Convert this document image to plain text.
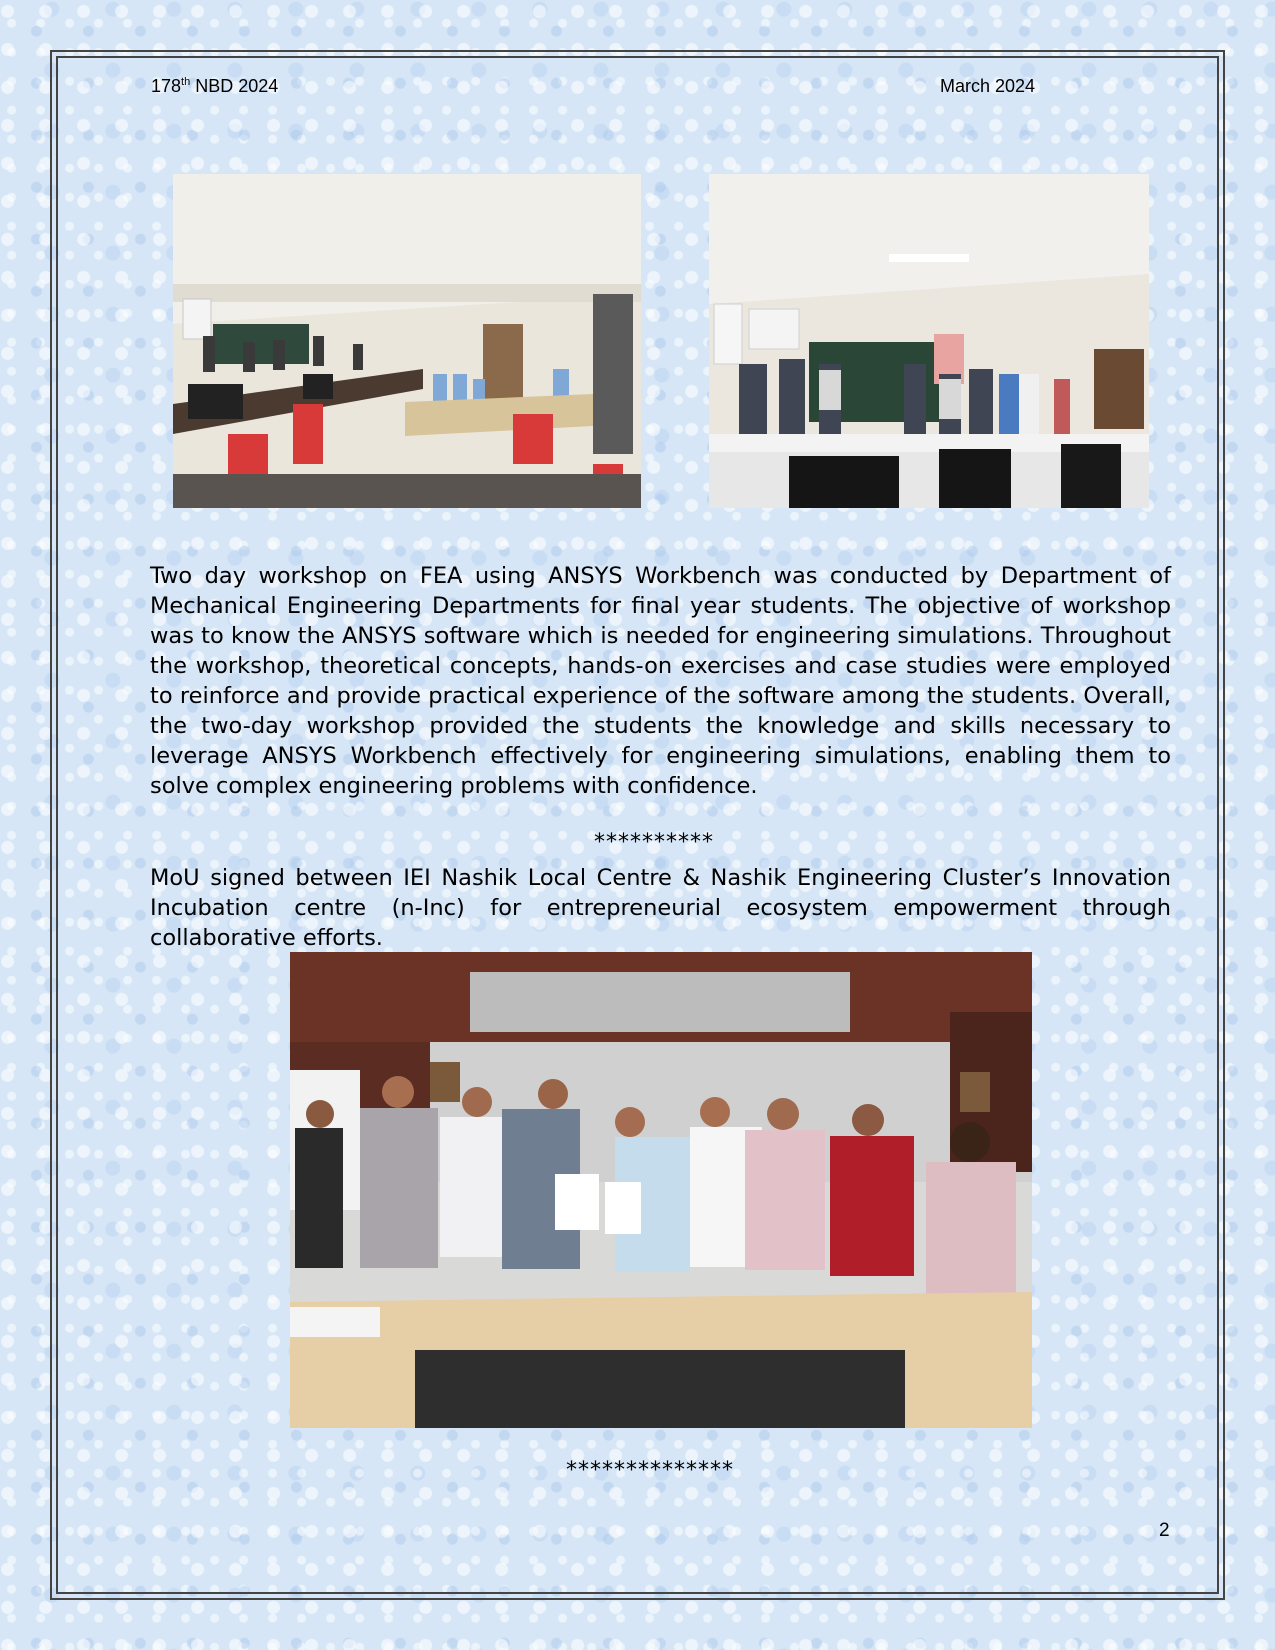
178th NBD 2024	March 2024

Two day workshop on FEA using ANSYS Workbench was conducted by Department of Mechanical Engineering Departments for final year students. The objective of workshop was to know the ANSYS software which is needed for engineering simulations. Throughout the workshop, theoretical concepts, hands-on exercises and case studies were employed to reinforce and provide practical experience of the software among the students. Overall, the two-day workshop provided the students the knowledge and skills necessary to leverage ANSYS Workbench effectively for engineering simulations, enabling them to solve complex engineering problems with confidence.

**********

MoU signed between IEI Nashik Local Centre & Nashik Engineering Cluster’s Innovation Incubation centre (n-Inc) for entrepreneurial ecosystem empowerment through collaborative efforts.

**************
2
